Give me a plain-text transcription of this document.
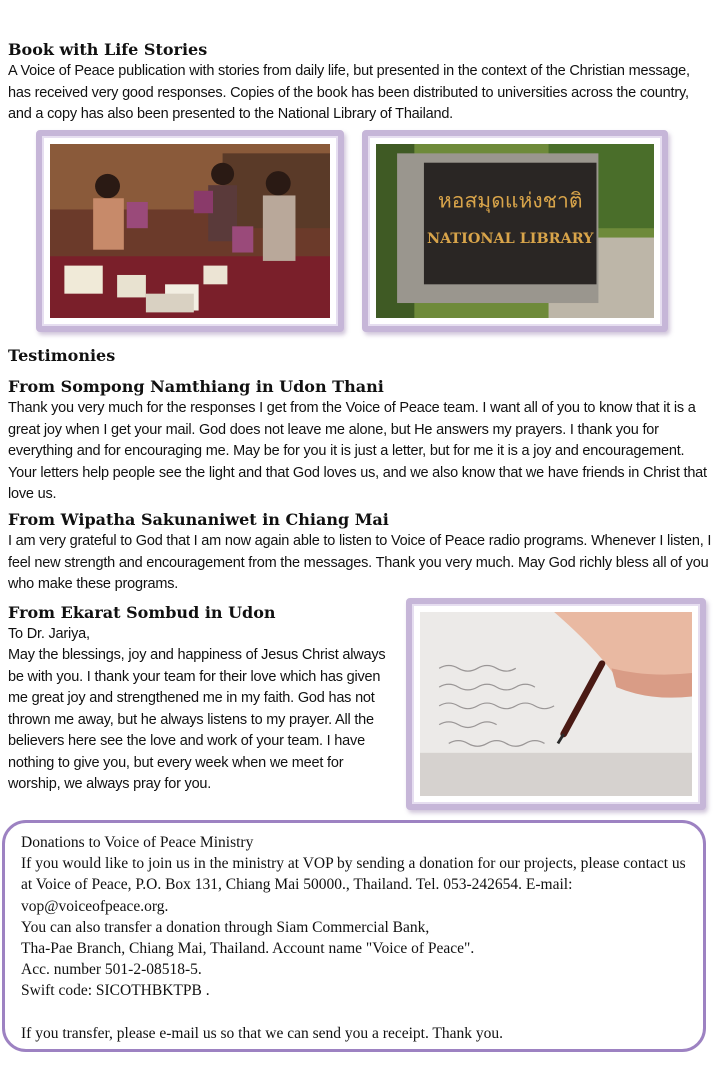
Book with Life Stories

A Voice of Peace publication with stories from daily life, but presented in the context of the Christian message, has received very good responses. Copies of the book has been distributed to universities across the country, and a copy has also been presented to the National Library of Thailand.

หอสมุดแห่งชาติ
NATIONAL LIBRARY
Testimonies
From Sompong Namthiang in Udon Thani

Thank you very much for the responses I get from the Voice of Peace team. I want all of you to know that it is a great joy when I get your mail. God does not leave me alone, but He answers my prayers. I thank you for everything and for encouraging me. May be for you it is just a letter, but for me it is a joy and encouragement. Your letters help people see the light and that God loves us, and we also know that we have friends in Christ that love us.

From Wipatha Sakunaniwet in Chiang Mai

I am very grateful to God that I am now again able to listen to Voice of Peace radio programs. Whenever I listen, I feel new strength and encouragement from the messages. Thank you very much. May God richly bless all of you who make these programs.

From Ekarat Sombud in Udon

To Dr. Jariya,

May the blessings, joy and happiness of Jesus Christ always be with you. I thank your team for their love which has given me great joy and strengthened me in my faith. God has not thrown me away, but he always listens to my prayer. All the believers here see the love and work of your team. I have nothing to give you, but every week when we meet for worship, we always pray for you.

Donations to Voice of Peace Ministry

If you would like to join us in the ministry at VOP by sending a donation for our projects, please contact us at Voice of Peace, P.O. Box 131, Chiang Mai 50000., Thailand. Tel. 053-242654. E-mail: vop@voiceofpeace.org.

You can also transfer a donation through Siam Commercial Bank,

Tha-Pae Branch, Chiang Mai, Thailand. Account name "Voice of Peace".

Acc. number 501-2-08518-5.

Swift code: SICOTHBKTPB .

If you transfer, please e-mail us so that we can send you a receipt. Thank you.
